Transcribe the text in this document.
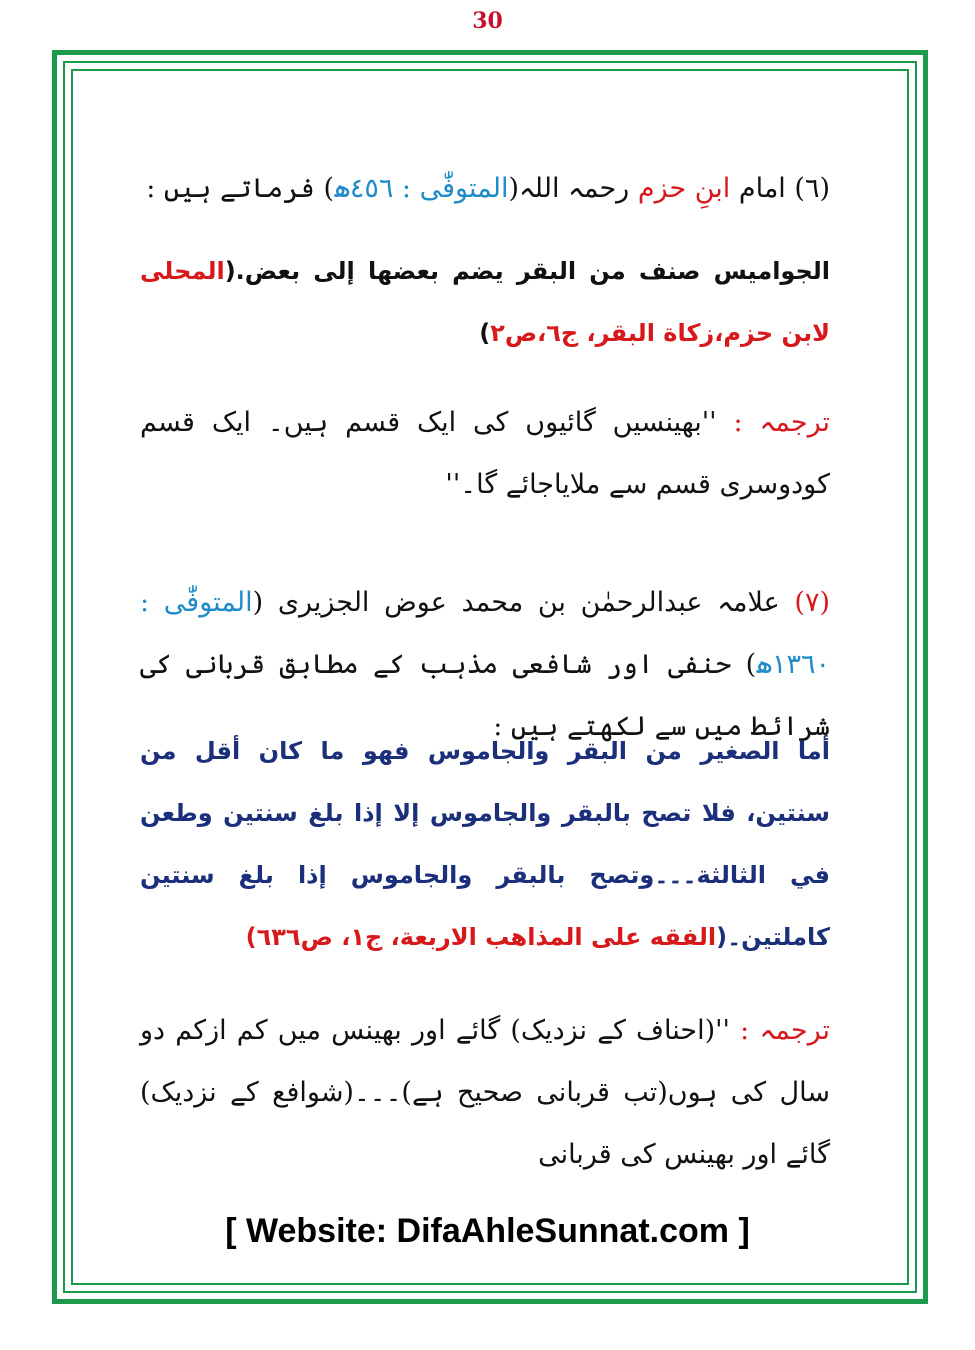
30
(٦) امام ابنِ حزم رحمہ اللہ(المتوفّٰی : ٤٥٦ھ) فرماتے ہیں :
الجواميس صنف من البقر يضم بعضها إلى بعض.(المحلى لابن حزم،زكاة البقر، ج٦،ص٢)
ترجمہ : ''بھینسیں گائیوں کی ایک قسم ہیں۔ ایک قسم کودوسری قسم سے ملایاجائے گا۔''
(٧) علامہ عبدالرحمٰن بن محمد عوض الجزیری (المتوفّٰی : ١٣٦٠ھ) حنفی اور شافعی مذہب کے مطابق قربانی کی شرائط میں سے لکھتے ہیں :
أما الصغير من البقر والجاموس فهو ما كان أقل من سنتين، فلا تصح بالبقر والجاموس إلا إذا بلغ سنتين وطعن في الثالثة۔۔۔وتصح بالبقر والجاموس إذا بلغ سنتين كاملتين۔(الفقه على المذاهب الاربعة، ج١، ص٦٣٦)
ترجمہ : ''(احناف کے نزدیک) گائے اور بھینس میں کم ازکم دو سال کی ہوں(تب قربانی صحیح ہے)۔۔۔(شوافع کے نزدیک) گائے اور بھینس کی قربانی
[ Website: DifaAhleSunnat.com ]
